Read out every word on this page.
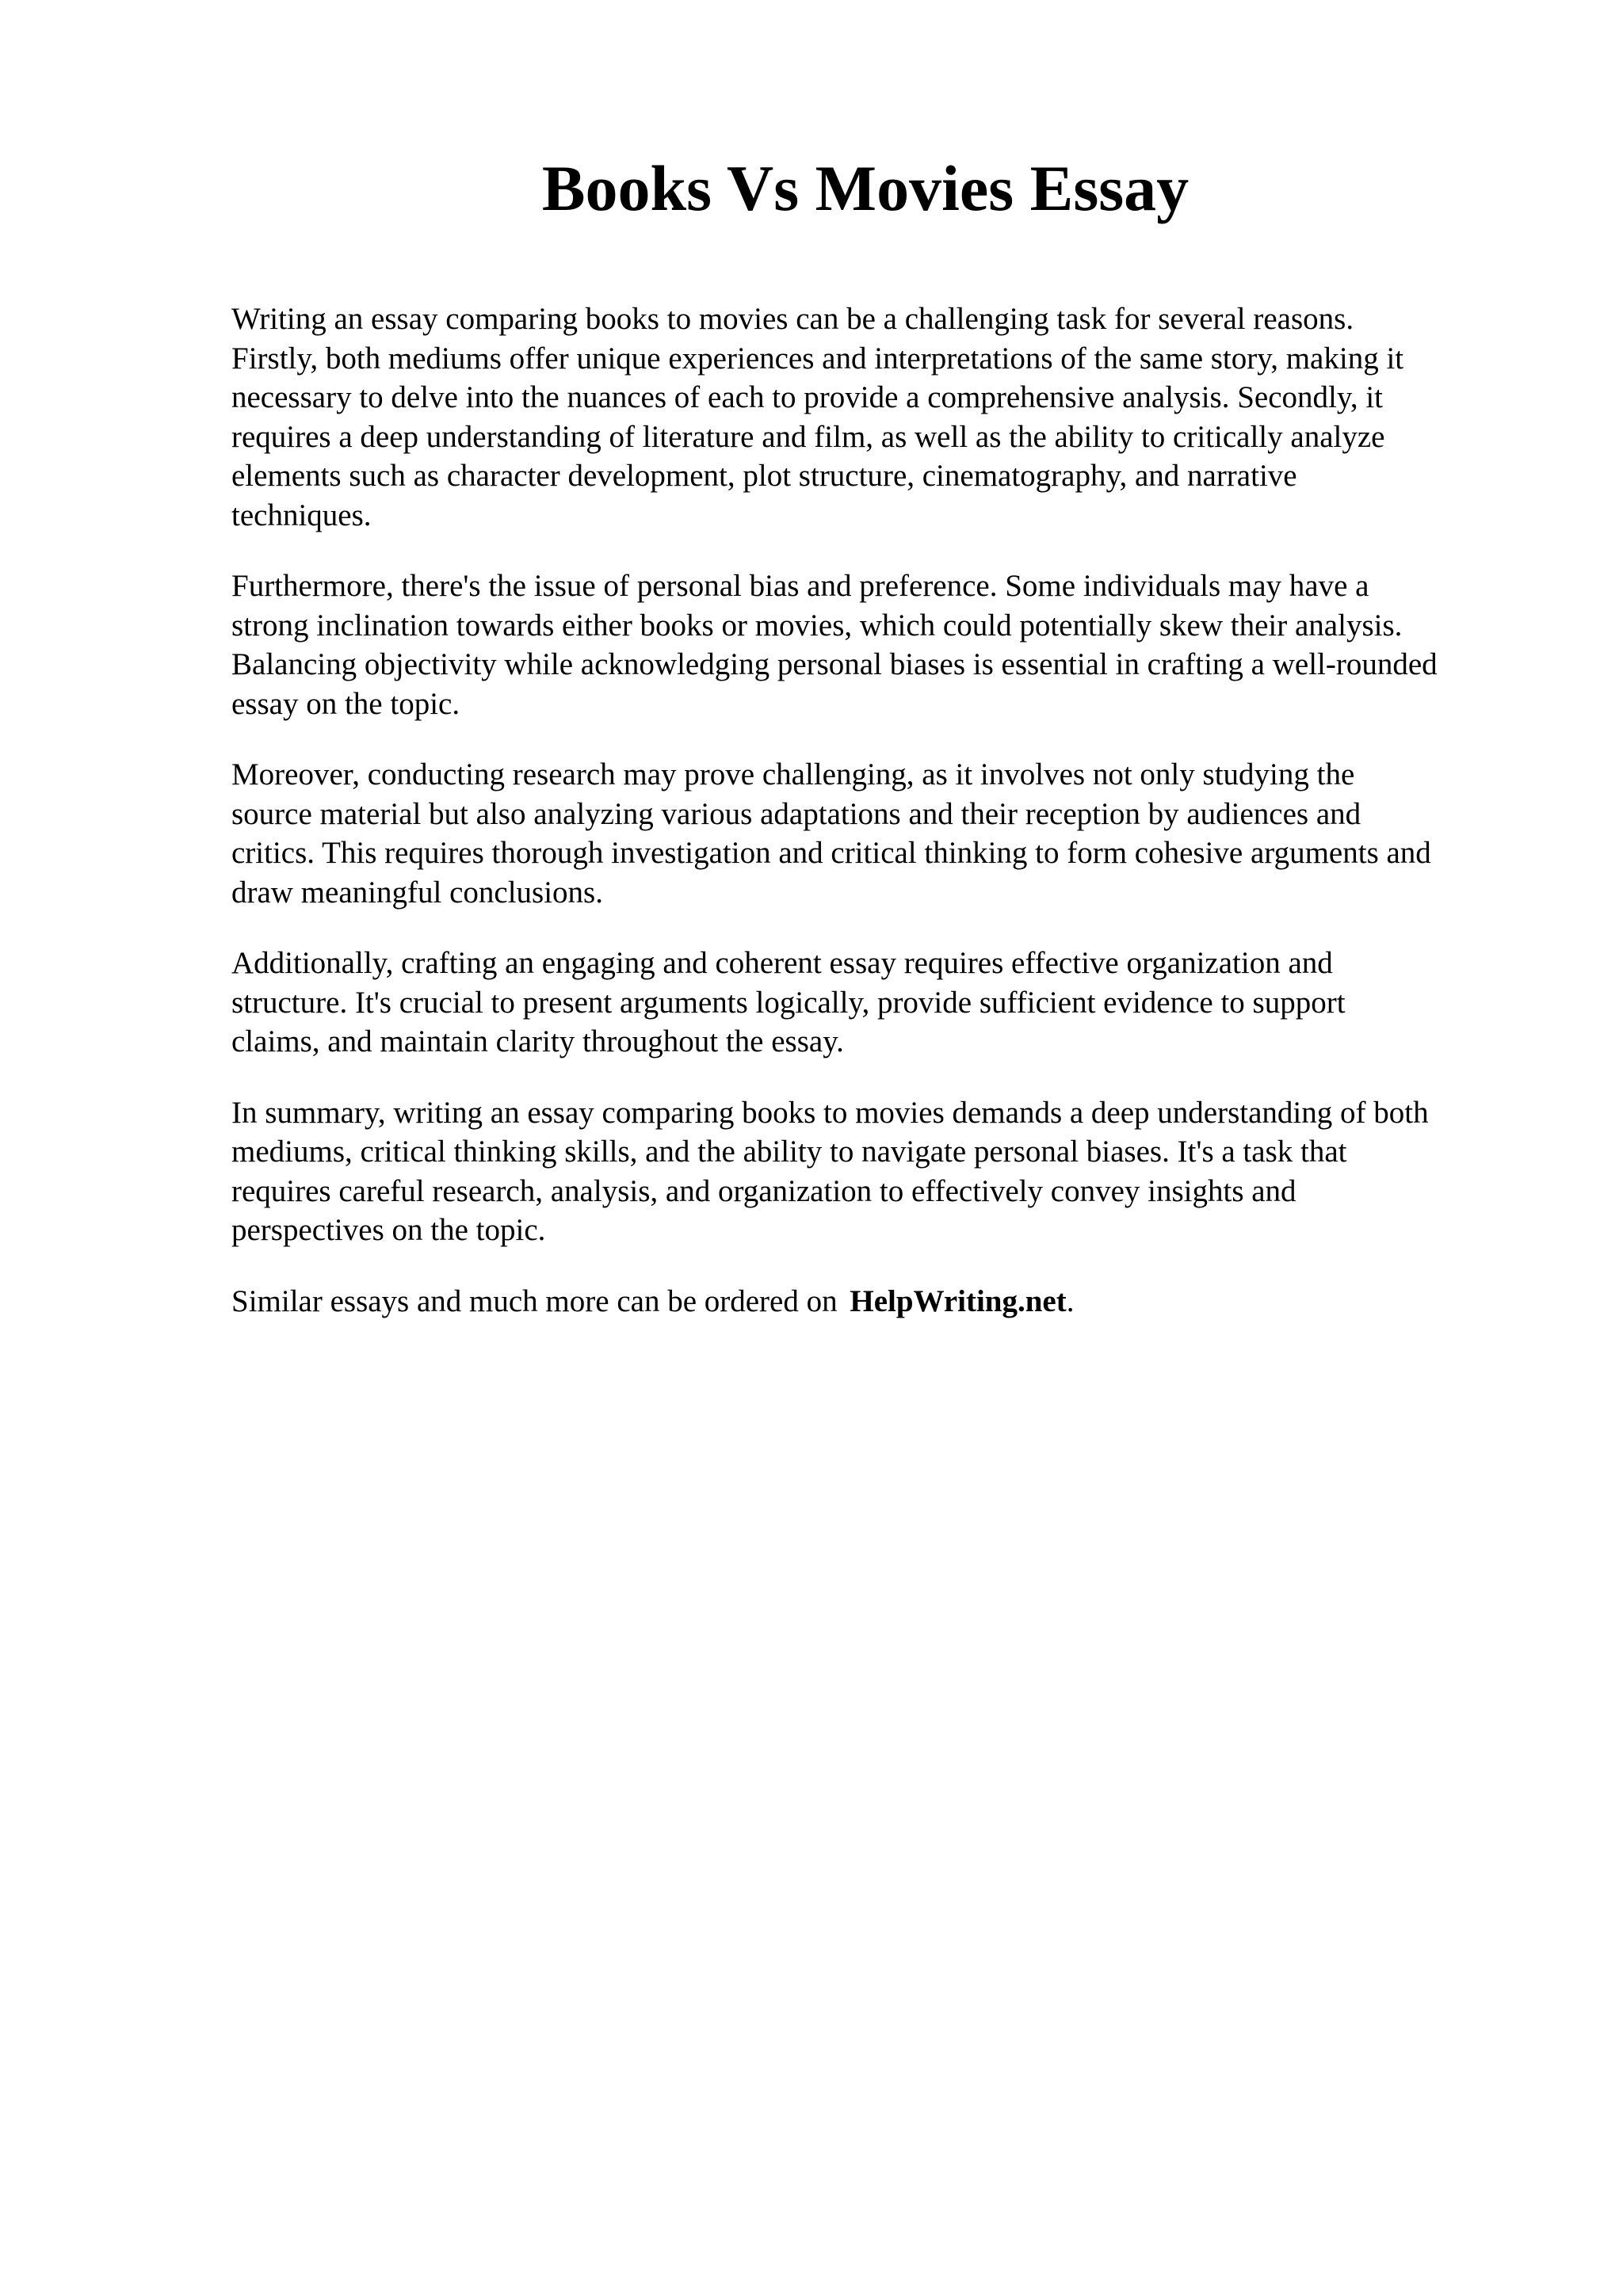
Books Vs Movies Essay

Writing an essay comparing books to movies can be a challenging task for several reasons.
Firstly, both mediums offer unique experiences and interpretations of the same story, making it
necessary to delve into the nuances of each to provide a comprehensive analysis. Secondly, it
requires a deep understanding of literature and film, as well as the ability to critically analyze
elements such as character development, plot structure, cinematography, and narrative
techniques.

Furthermore, there's the issue of personal bias and preference. Some individuals may have a
strong inclination towards either books or movies, which could potentially skew their analysis.
Balancing objectivity while acknowledging personal biases is essential in crafting a well-rounded
essay on the topic.

Moreover, conducting research may prove challenging, as it involves not only studying the
source material but also analyzing various adaptations and their reception by audiences and
critics. This requires thorough investigation and critical thinking to form cohesive arguments and
draw meaningful conclusions.

Additionally, crafting an engaging and coherent essay requires effective organization and
structure. It's crucial to present arguments logically, provide sufficient evidence to support
claims, and maintain clarity throughout the essay.

In summary, writing an essay comparing books to movies demands a deep understanding of both
mediums, critical thinking skills, and the ability to navigate personal biases. It's a task that
requires careful research, analysis, and organization to effectively convey insights and
perspectives on the topic.

Similar essays and much more can be ordered on HelpWriting.net.
